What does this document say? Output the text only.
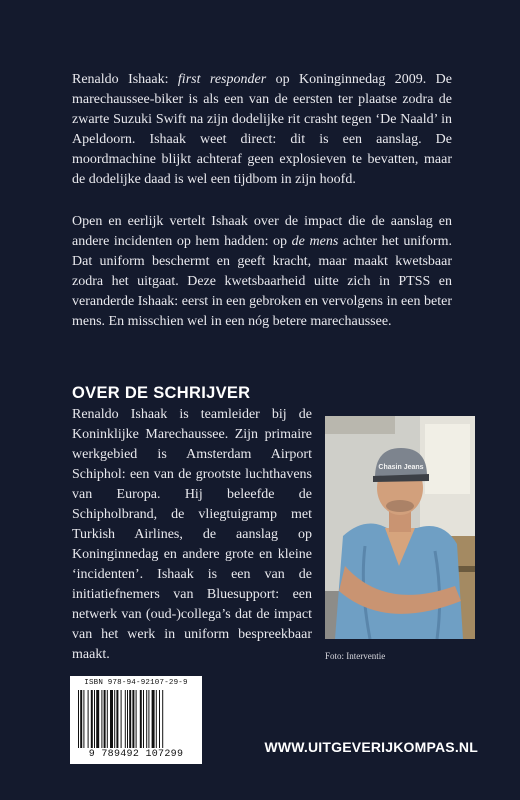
Renaldo Ishaak: first responder op Koninginnedag 2009. De marechaussee-biker is als een van de eersten ter plaatse zodra de zwarte Suzuki Swift na zijn dodelijke rit crasht tegen ‘De Naald’ in Apeldoorn. Ishaak weet direct: dit is een aanslag. De moordmachine blijkt achteraf geen explosieven te bevatten, maar de dodelijke daad is wel een tijdbom in zijn hoofd.

Open en eerlijk vertelt Ishaak over de impact die de aanslag en andere incidenten op hem hadden: op de mens achter het uniform. Dat uniform beschermt en geeft kracht, maar maakt kwetsbaar zodra het uitgaat. Deze kwetsbaarheid uitte zich in PTSS en veranderde Ishaak: eerst in een gebroken en vervolgens in een beter mens. En misschien wel in een nóg betere marechaussee.

OVER DE SCHRIJVER

Renaldo Ishaak is teamleider bij de Koninklijke Marechaussee. Zijn primaire werkgebied is Amsterdam Airport Schiphol: een van de grootste luchthavens van Europa. Hij beleefde de Schipholbrand, de vliegtuigramp met Turkish Airlines, de aanslag op Koninginnedag en andere grote en kleine ‘incidenten’. Ishaak is een van de initiatiefnemers van Bluesupport: een netwerk van (oud-)collega’s dat de impact van het werk in uniform bespreekbaar maakt.

Chasin Jeans
Foto: Interventie
ISBN 978-94-92107-29-9
9 789492 107299	WWW.UITGEVERIJKOMPAS.NL
